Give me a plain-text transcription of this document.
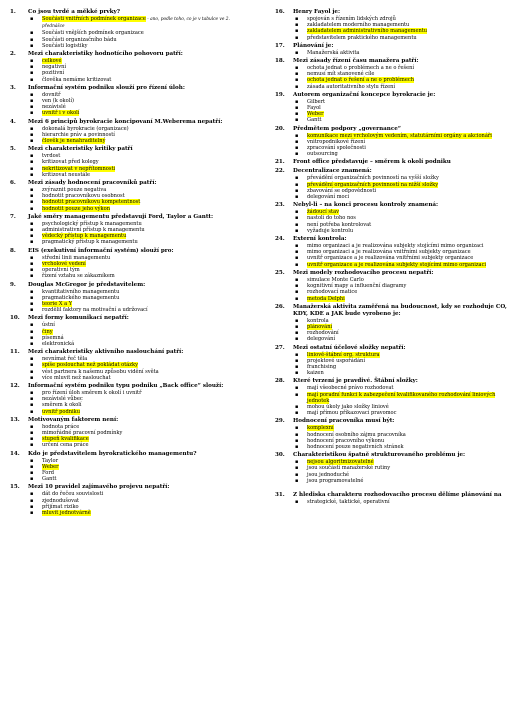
1.	Co jsou tvrdé a měkké prvky?
▪	Součásti vnitřních podmínek organizace - ano, podle toho, co je v tabulce ve 2. přednášce
▪	Součásti vnějších podmínek organizace
▪	Součásti organizačního bádu
▪	Součásti logistiky
2.	Mezi charakteristiky hodnotícího pohovoru patří:
▪	celkové
▪	negativní
▪	pozitivní
▪	člověka nemáme kritizovat
3.	Informační systém podniku slouží pro řízení úloh:
▪	dovnitř
▪	ven (k okolí)
▪	nezávislé
▪	uvnitř i v okolí
4.	Mezi 6 principů byrokracie koncipovaní M.Weberema nepatří:
▪	dokonalá byrokracie (organizace)
▪	hierarchie práv a povinností
▪	člověk je nenahraditelný
5.	Mezi charakteristiky kritiky patří
▪	tvrdost
▪	kritizovat před kolegy
▪	nekritizovat v nepřítomnosti
▪	kritizovat neustále
6.	Mezi zásady hodnocení pracovníků patří:
▪	zvýraznit pouze negativa
▪	hodnotit pracovníkovu osobnost
▪	hodnotit pracovníkovu kompetentnost
▪	hodnotit pouze jeho výkon
7.	Jaké směry managementu představují Ford, Taylor a Gantt:
▪	psychologický přístup k managementu
▪	administrativní přístup k managementu
▪	vědecký přístup k managementu
▪	pragmatický přístup k managementu
8.	EIS (exekutivní informační systém) slouží pro:
▪	střední linii managementu
▪	vrcholové vedení
▪	operativní tým
▪	řízení vztahu se zákazníkem
9.	Douglas McGregor je představitelem:
▪	kvantitativního managementu
▪	pragmatického managementu
▪	teorie X a Y
▪	rozdělil faktory na motivační a udržovací
10.	Mezi formy komunikací nepatří:
▪	ústní
▪	činy
▪	písemná
▪	elektronická
11.	Mezi charakteristiky aktivního naslouchání patří:
▪	nevnímat řeč těla
▪	spíše poslouchat než pokládat otázky
▪	vést partnera k našemu způsobu vidění světa
▪	více mluvit než naslouchat
12.	Informační systém podniku typu podniku „Back office“ slouží:
▪	pro řízení úloh směrem k okolí i uvnitř
▪	nezávislé vůbec
▪	směrem k okolí
▪	uvnitř podniku
13.	Motivovaným faktorem není:
▪	hodnota práce
▪	mimořádné pracovní podmínky
▪	stupeň kvalifikace
▪	určení cena práce
14.	Kdo je představitelem byrokratického managementu?
▪	Taylor
▪	Weber
▪	Ford
▪	Gantt
15.	Mezi 10 pravidel zajímavého projevu nepatří:
▪	dát do řečeu souvislosti
▪	zjednodušovat
▪	přijímat riziko
▪	mluvit jednotvárně
16.	Henry Fayol je:
▪	spojován s řízením lidských zdrojů
▪	zakladatelem moderního managementu
▪	zakladatelem administrativního managementu
▪	představitelem praktického managementu
17.	Plánování je:
▪	Manažerská aktivita
18.	Mezi zásady řízení času manažera patří:
▪	ochota jednat o problémech a ne o řešení
▪	nemusí mít stanovené cíle
▪	ochota jednat o řešení a ne o problémech
▪	zásada autoritativního stylu řízení
19.	Autorem organizační koncepce byrokracie je:
▪	Gilbert
▪	Fayol
▪	Weber
▪	Gantt
20.	Předmětem podpory „governance“
▪	komunikace mezi vrcholovým vedením, statutárními orgány a akcionáři
▪	vnitropodnikové řízení
▪	zpracování společnosti
▪	outsourcing
21.	Front office představuje – směrem k okolí podniku
22.	Decentralizace znamená:
▪	převádění organizačních povinností na vyšší složky
▪	převádění organizačních povinností na nižší složky
▪	zbavování se odpovědnosti
▪	delegování moci
23.	Nebyl-li – na konci procesu kontroly znamená:
▪	žádoucí stav
▪	nastolí do toho nos
▪	není potřeba kontrolovat
▪	vyžaduje kontrolu
24.	Externí kontrola:
▪	mimo organizaci a je realizována subjekty stojícími mimo organizaci
▪	mimo organizaci a je realizována vnitřními subjekty organizace
▪	uvnitř organizace a je realizována vnitřními subjekty organizace
▪	uvnitř organizace a je realizována subjekty stojícími mimo organizaci
25.	Mezi modely rozhodovacího procesu nepatří:
▪	simulace Monte Carlo
▪	kognitivní mapy a influenční diagramy
▪	rozhodovací matice
▪	metoda Delphi
26.	Manažerská aktivita zaměřená na budoucnost, kdy se rozhoduje CO, KDY, KDE a JAK bude vyrobeno je:
▪	kontrola
▪	plánování
▪	rozhodování
▪	delegování
27.	Mezi ostatní účelové složky nepatří:
▪	liniově-štábní org. struktura
▪	projektové uspořádání
▪	franchising
▪	kaizen
28.	Které tvrzení je pravdivé. Štábní složky:
▪	mají všeobecné právo rozhodovat
▪	mají poradní funkci k zabezpečení kvalifikovaného rozhodování liniových jednotek
▪	mohou úkoly jako složky liniové
▪	mají přímou příkazovací pravomoc
29.	Hodnocení pracovníka musí být:
▪	komplexní
▪	hodnocení osobního zájmu pracovníka
▪	hodnocení pracovního výkonu
▪	hodnocení pouze negativních stránek
30.	Charakteristikou špatně strukturovaného problému je:
▪	nejsou algoritmizovatelné
▪	jsou součástí manažerské rutiny
▪	jsou jednoduché
▪	jsou programovatelné
31.	Z hlediska charakteru rozhodovacího procesu dělíme plánování na
▪	strategické, taktické, operativní
